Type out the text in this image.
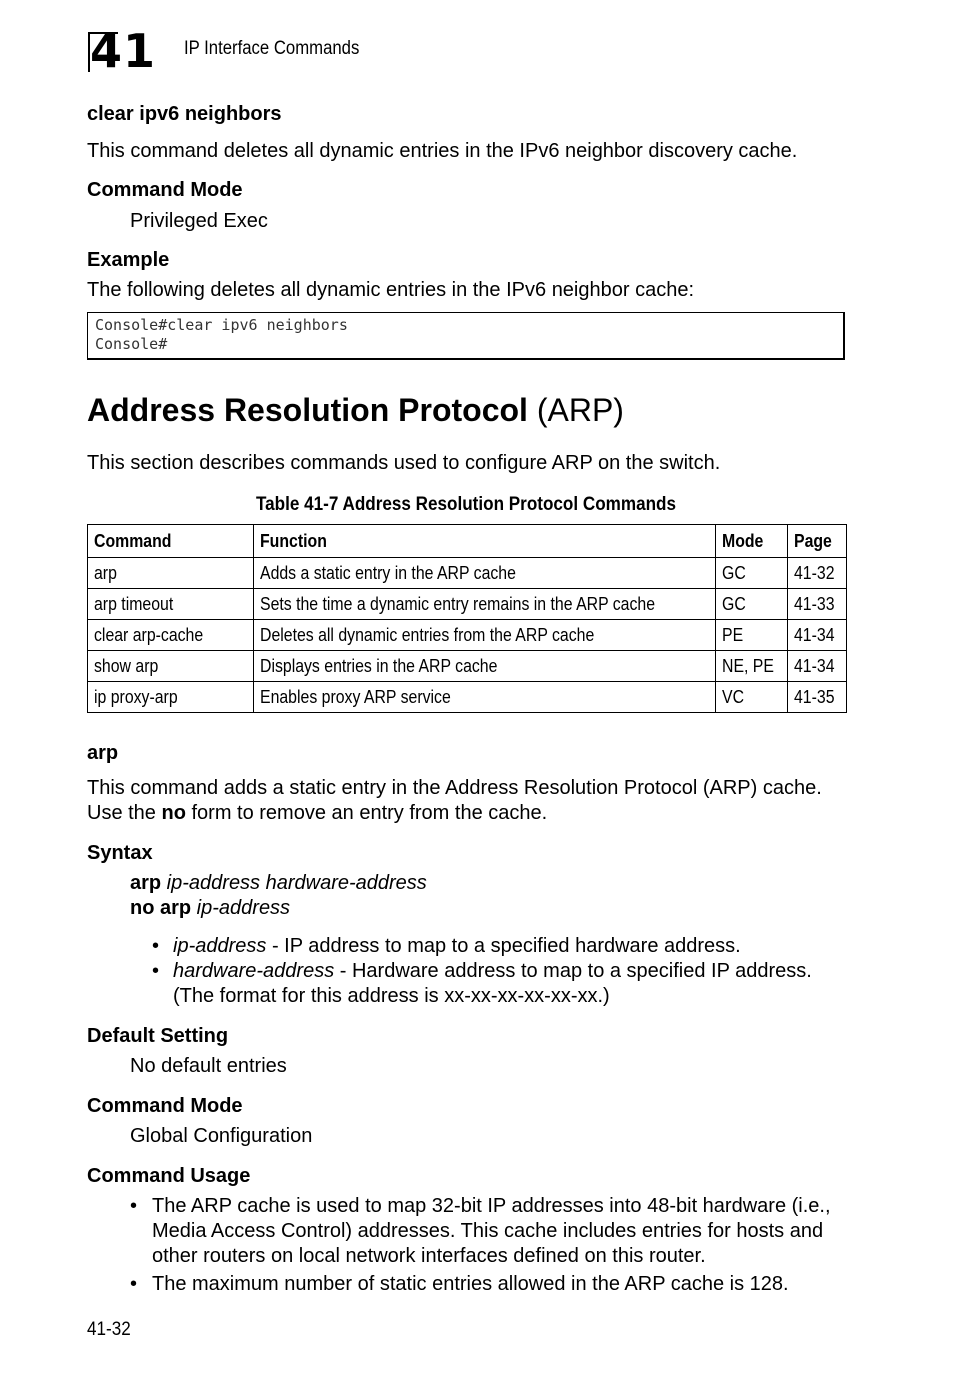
41 IP Interface Commands
clear ipv6 neighbors
This command deletes all dynamic entries in the IPv6 neighbor discovery cache.
Command Mode
Privileged Exec
Example
The following deletes all dynamic entries in the IPv6 neighbor cache:
Console#clear ipv6 neighbors
Console#
Address Resolution Protocol (ARP)
This section describes commands used to configure ARP on the switch.
Table 41-7 Address Resolution Protocol Commands
Command	Function	Mode	Page
arp	Adds a static entry in the ARP cache	GC	41-32
arp timeout	Sets the time a dynamic entry remains in the ARP cache	GC	41-33
clear arp-cache	Deletes all dynamic entries from the ARP cache	PE	41-34
show arp	Displays entries in the ARP cache	NE, PE	41-34
ip proxy-arp	Enables proxy ARP service	VC	41-35
arp
This command adds a static entry in the Address Resolution Protocol (ARP) cache.
Use the no form to remove an entry from the cache.
Syntax
arp ip-address hardware-address
no arp ip-address
• ip-address - IP address to map to a specified hardware address.
• hardware-address - Hardware address to map to a specified IP address.
(The format for this address is xx-xx-xx-xx-xx-xx.)
Default Setting
No default entries
Command Mode
Global Configuration
Command Usage
• The ARP cache is used to map 32-bit IP addresses into 48-bit hardware (i.e.,
Media Access Control) addresses. This cache includes entries for hosts and
other routers on local network interfaces defined on this router.
• The maximum number of static entries allowed in the ARP cache is 128.
41-32
